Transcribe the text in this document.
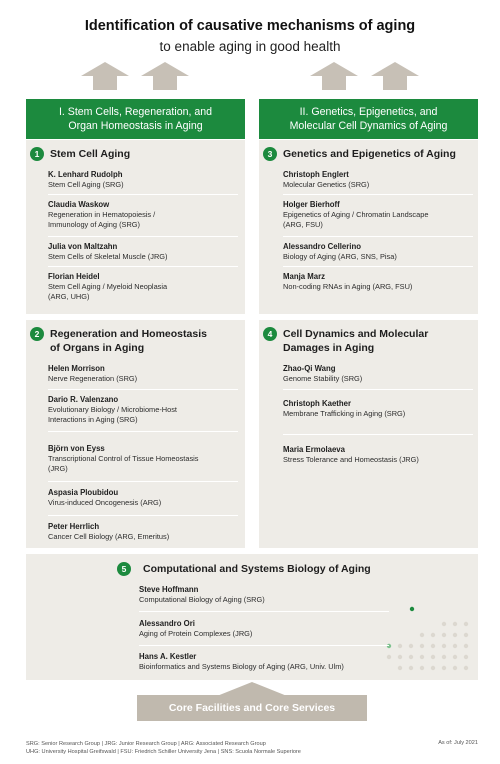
Identification of causative mechanisms of aging
to enable aging in good health
I. Stem Cells, Regeneration, and
Organ Homeostasis in Aging
II. Genetics, Epigenetics, and
Molecular Cell Dynamics of Aging
1	Stem Cell Aging
K. Lenhard Rudolph
Stem Cell Aging (SRG)
Claudia Waskow
Regeneration in Hematopoiesis /
Immunology of Aging (SRG)
Julia von Maltzahn
Stem Cells of Skeletal Muscle (JRG)
Florian Heidel
Stem Cell Aging / Myeloid Neoplasia
(ARG, UHG)
2	Regeneration and Homeostasis
of Organs in Aging
Helen Morrison
Nerve Regeneration (SRG)
Dario R. Valenzano
Evolutionary Biology / Microbiome-Host
Interactions in Aging (SRG)
Björn von Eyss
Transcriptional Control of Tissue Homeostasis
(JRG)
Aspasia Ploubidou
Virus-induced Oncogenesis (ARG)
Peter Herrlich
Cancer Cell Biology (ARG, Emeritus)
3	Genetics and Epigenetics of Aging
Christoph Englert
Molecular Genetics (SRG)
Holger Bierhoff
Epigenetics of Aging / Chromatin Landscape
(ARG, FSU)
Alessandro Cellerino
Biology of Aging (ARG, SNS, Pisa)
Manja Marz
Non-coding RNAs in Aging (ARG, FSU)
4	Cell Dynamics and Molecular
Damages in Aging
Zhao-Qi Wang
Genome Stability (SRG)
Christoph Kaether
Membrane Trafficking in Aging (SRG)
Maria Ermolaeva
Stress Tolerance and Homeostasis (JRG)
5	Computational and Systems Biology of Aging
Steve Hoffmann
Computational Biology of Aging (SRG)
Alessandro Ori
Aging of Protein Complexes (JRG)
Hans A. Kestler
Bioinformatics and Systems Biology of Aging (ARG, Univ. Ulm)
Core Facilities and Core Services
SRG: Senior Research Group | JRG: Junior Research Group | ARG: Associated Research Group
UHG: University Hospital Greifswald | FSU: Friedrich Schiller University Jena | SNS: Scuola Normale Superiore
As of: July 2021
